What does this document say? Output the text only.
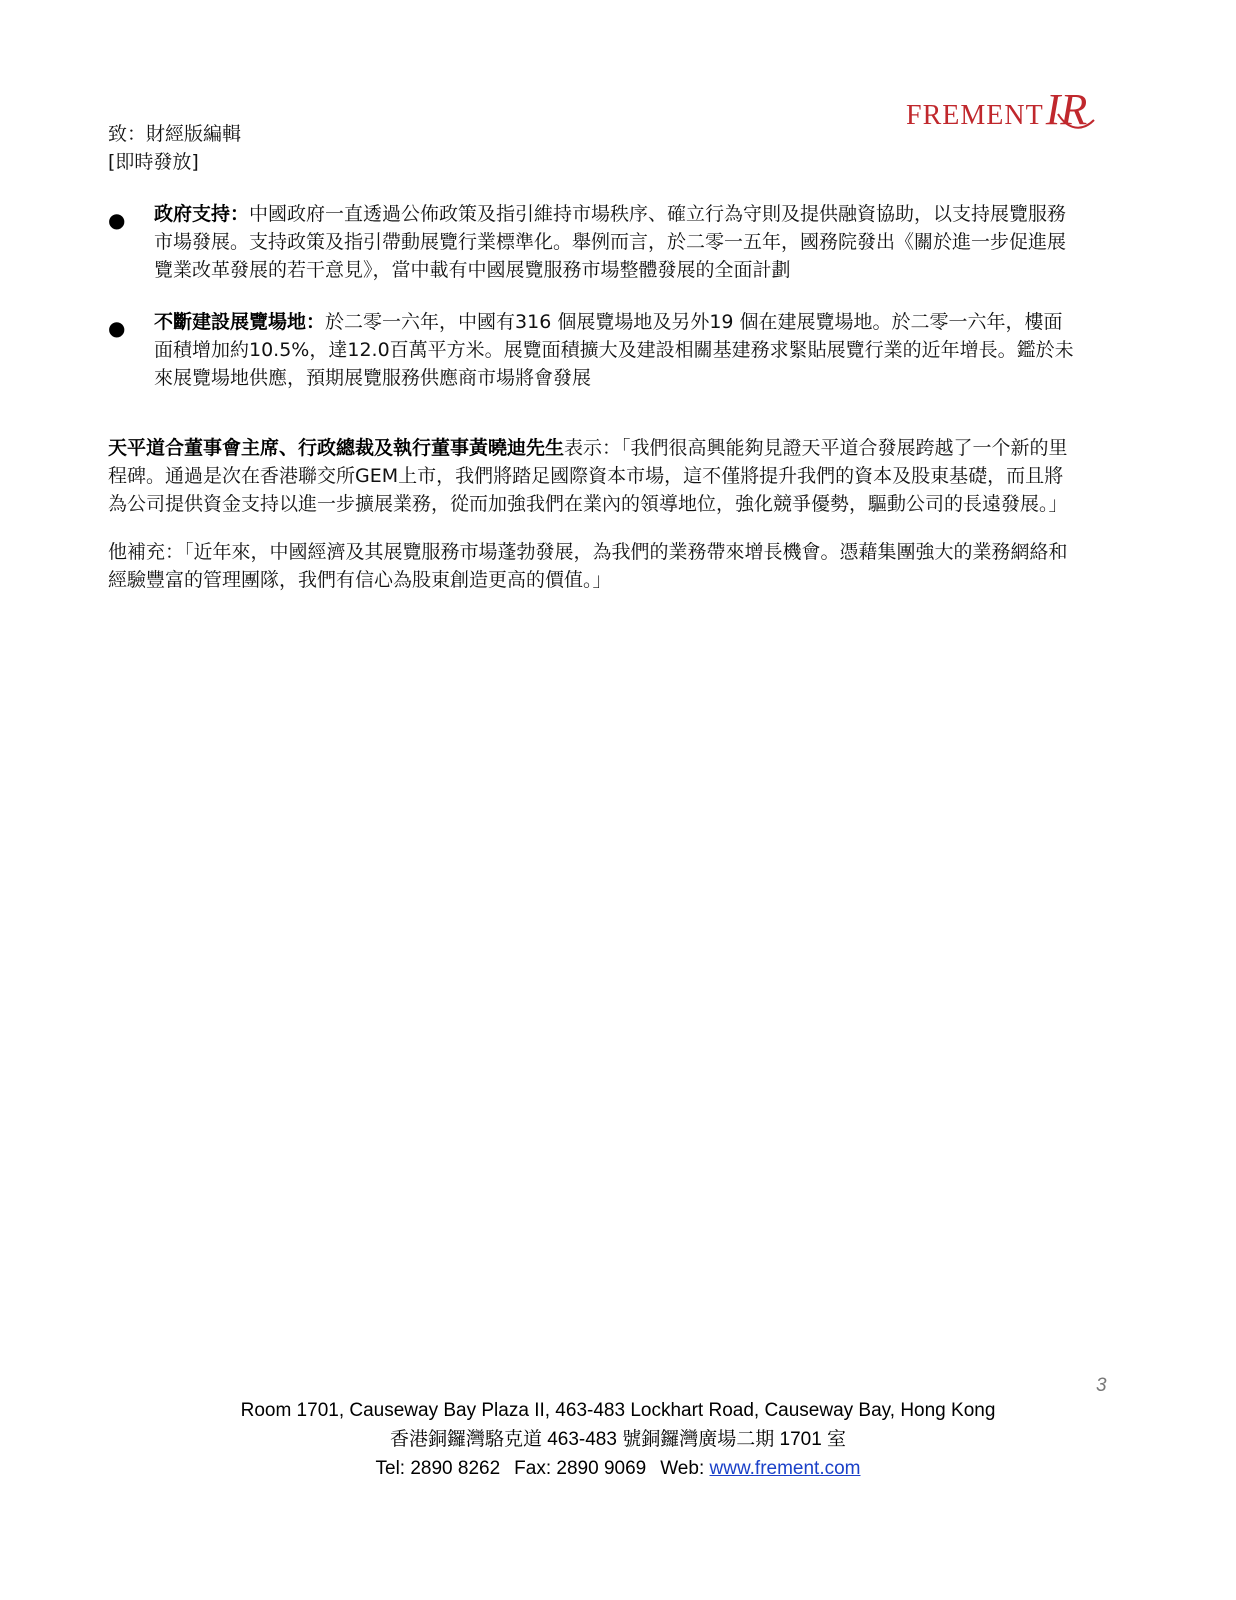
FREMENTIR
致：財經版編輯
[即時發放]
● 政府支持：中國政府一直透過公佈政策及指引維持市場秩序、確立行為守則及提供融資協助，以支持展覽服務
市場發展。支持政策及指引帶動展覽行業標準化。舉例而言，於二零一五年，國務院發出《關於進一步促進展
覽業改革發展的若干意見》，當中載有中國展覽服務市場整體發展的全面計劃
● 不斷建設展覽場地：於二零一六年，中國有316 個展覽場地及另外19 個在建展覽場地。於二零一六年，樓面
面積增加約10.5%，達12.0百萬平方米。展覽面積擴大及建設相關基建務求緊貼展覽行業的近年增長。鑑於未
來展覽場地供應，預期展覽服務供應商市場將會發展
天平道合董事會主席、行政總裁及執行董事黃曉迪先生表示：「我們很高興能夠見證天平道合發展跨越了一个新的里
程碑。通過是次在香港聯交所GEM上市，我們將踏足國際資本市場，這不僅將提升我們的資本及股東基礎，而且將
為公司提供資金支持以進一步擴展業務，從而加強我們在業內的領導地位，強化競爭優勢，驅動公司的長遠發展。」
他補充：「近年來，中國經濟及其展覽服務市場蓬勃發展，為我們的業務帶來增長機會。憑藉集團強大的業務網絡和
經驗豐富的管理團隊，我們有信心為股東創造更高的價值。」
3
Room 1701, Causeway Bay Plaza II, 463-483 Lockhart Road, Causeway Bay, Hong Kong
香港銅鑼灣駱克道 463-483 號銅鑼灣廣場二期 1701 室
Tel: 2890 8262 Fax: 2890 9069 Web: www.frement.com
